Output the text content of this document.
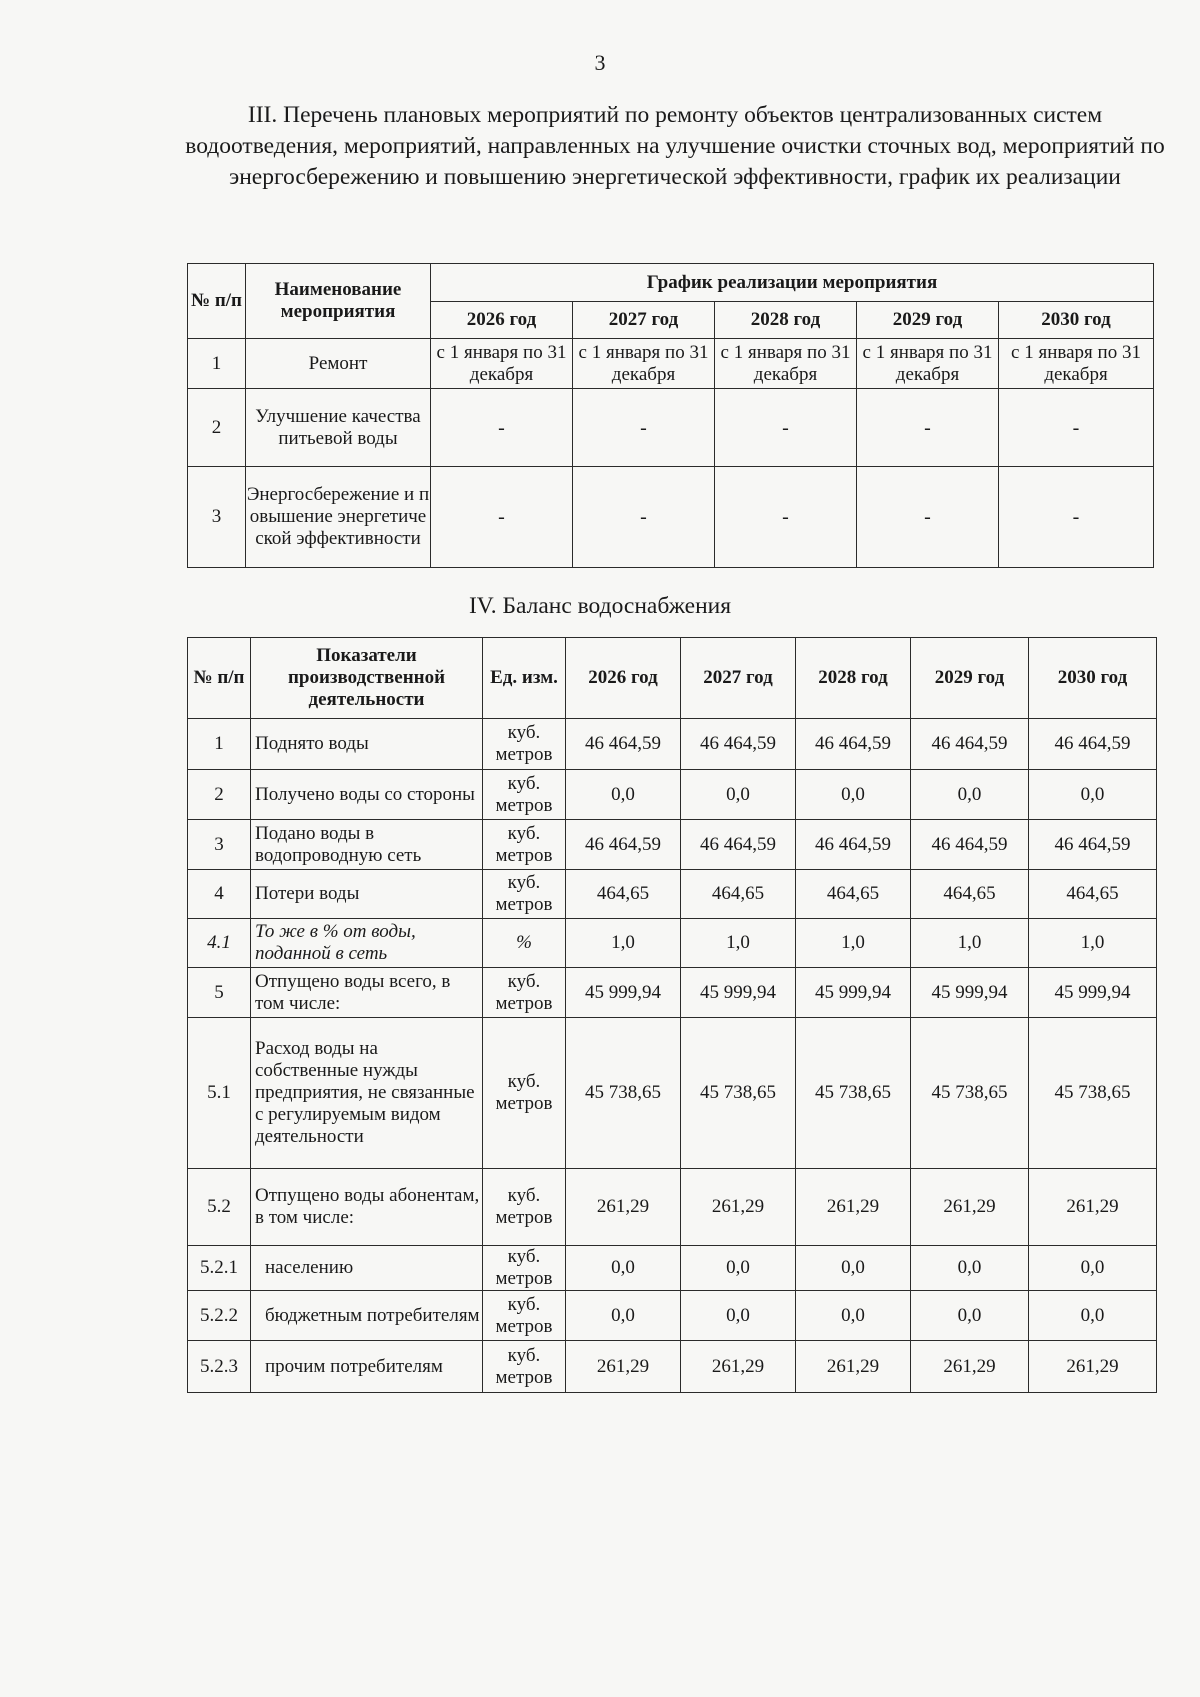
3
III. Перечень плановых мероприятий по ремонту объектов централизованных систем водоотведения, мероприятий, направленных на улучшение очистки сточных вод, мероприятий по энергосбережению и повышению энергетической эффективности, график их реализации
№ п/п	Наименование мероприятия	График реализации мероприятия				
		2026 год	2027 год	2028 год	2029 год	2030 год
1	Ремонт	с 1 января по 31 декабря	с 1 января по 31 декабря	с 1 января по 31 декабря	с 1 января по 31 декабря	с 1 января по 31 декабря
2	Улучшение качества питьевой воды	-	-	-	-	-
3	Энергосбережение и повышение энергетической эффективности	-	-	-	-	-
IV. Баланс водоснабжения
№ п/п	Показатели производственной деятельности	Ед. изм.	2026 год	2027 год	2028 год	2029 год	2030 год
1	Поднято воды	куб. метров	46 464,59	46 464,59	46 464,59	46 464,59	46 464,59
2	Получено воды со стороны	куб. метров	0,0	0,0	0,0	0,0	0,0
3	Подано воды в водопроводную сеть	куб. метров	46 464,59	46 464,59	46 464,59	46 464,59	46 464,59
4	Потери воды	куб. метров	464,65	464,65	464,65	464,65	464,65
4.1	То же в % от воды, поданной в сеть	%	1,0	1,0	1,0	1,0	1,0
5	Отпущено воды всего, в том числе:	куб. метров	45 999,94	45 999,94	45 999,94	45 999,94	45 999,94
5.1	Расход воды на собственные нужды предприятия, не связанные с регулируемым видом деятельности	куб. метров	45 738,65	45 738,65	45 738,65	45 738,65	45 738,65
5.2	Отпущено воды абонентам, в том числе:	куб. метров	261,29	261,29	261,29	261,29	261,29
5.2.1	населению	куб. метров	0,0	0,0	0,0	0,0	0,0
5.2.2	бюджетным потребителям	куб. метров	0,0	0,0	0,0	0,0	0,0
5.2.3	прочим потребителям	куб. метров	261,29	261,29	261,29	261,29	261,29
